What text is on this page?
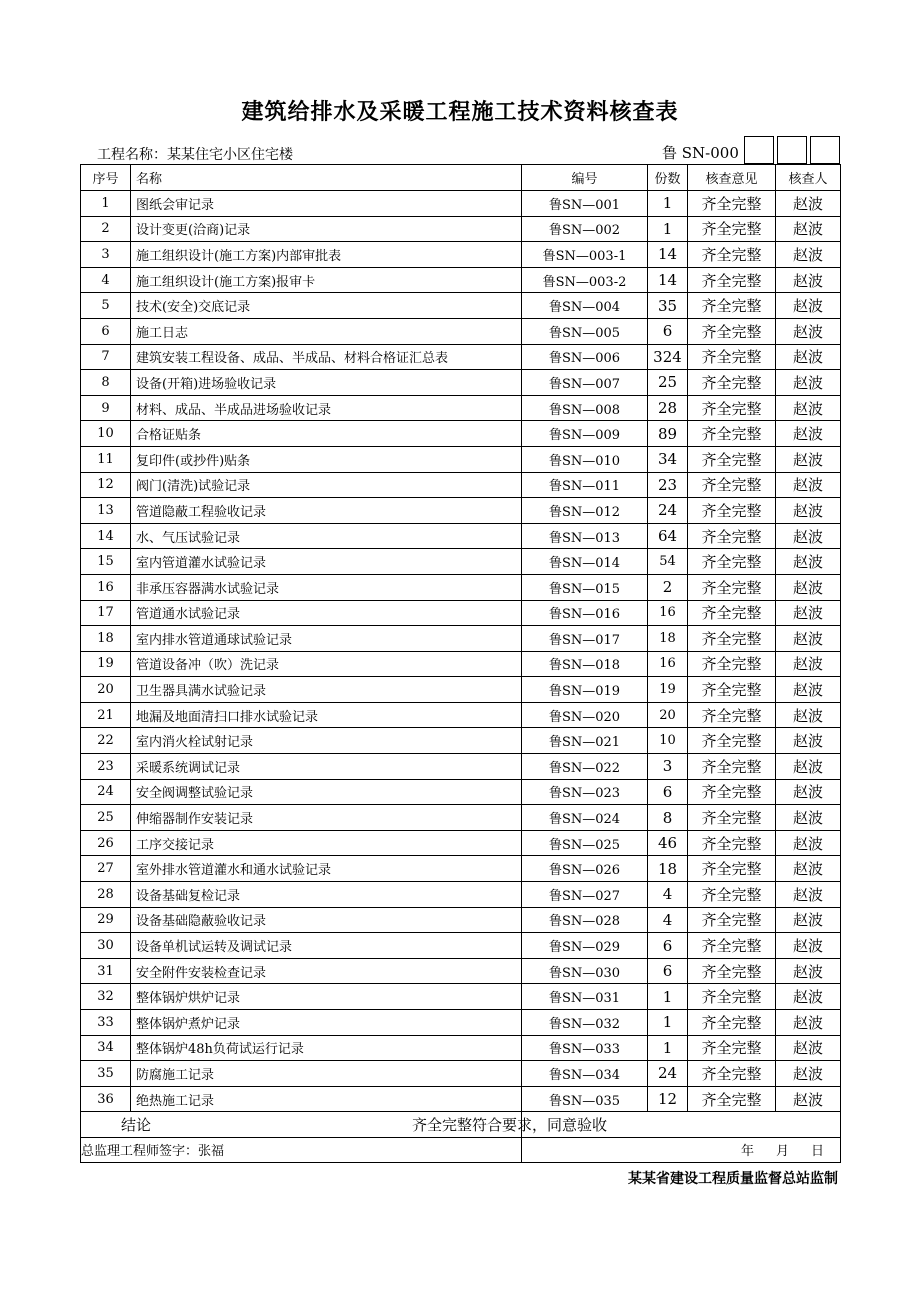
建筑给排水及采暖工程施工技术资料核查表
工程名称：某某住宅小区住宅楼	鲁 SN-000
序号	名称	编号	份数	核查意见	核查人
1	图纸会审记录	鲁SN—001	1	齐全完整	赵波
2	设计变更(洽商)记录	鲁SN—002	1	齐全完整	赵波
3	施工组织设计(施工方案)内部审批表	鲁SN—003-1	14	齐全完整	赵波
4	施工组织设计(施工方案)报审卡	鲁SN—003-2	14	齐全完整	赵波
5	技术(安全)交底记录	鲁SN—004	35	齐全完整	赵波
6	施工日志	鲁SN—005	6	齐全完整	赵波
7	建筑安装工程设备、成品、半成品、材料合格证汇总表	鲁SN—006	324	齐全完整	赵波
8	设备(开箱)进场验收记录	鲁SN—007	25	齐全完整	赵波
9	材料、成品、半成品进场验收记录	鲁SN—008	28	齐全完整	赵波
10	合格证贴条	鲁SN—009	89	齐全完整	赵波
11	复印件(或抄件)贴条	鲁SN—010	34	齐全完整	赵波
12	阀门(清洗)试验记录	鲁SN—011	23	齐全完整	赵波
13	管道隐蔽工程验收记录	鲁SN—012	24	齐全完整	赵波
14	水、气压试验记录	鲁SN—013	64	齐全完整	赵波
15	室内管道灌水试验记录	鲁SN—014	54	齐全完整	赵波
16	非承压容器满水试验记录	鲁SN—015	2	齐全完整	赵波
17	管道通水试验记录	鲁SN—016	16	齐全完整	赵波
18	室内排水管道通球试验记录	鲁SN—017	18	齐全完整	赵波
19	管道设备冲（吹）洗记录	鲁SN—018	16	齐全完整	赵波
20	卫生器具满水试验记录	鲁SN—019	19	齐全完整	赵波
21	地漏及地面清扫口排水试验记录	鲁SN—020	20	齐全完整	赵波
22	室内消火栓试射记录	鲁SN—021	10	齐全完整	赵波
23	采暖系统调试记录	鲁SN—022	3	齐全完整	赵波
24	安全阀调整试验记录	鲁SN—023	6	齐全完整	赵波
25	伸缩器制作安装记录	鲁SN—024	8	齐全完整	赵波
26	工序交接记录	鲁SN—025	46	齐全完整	赵波
27	室外排水管道灌水和通水试验记录	鲁SN—026	18	齐全完整	赵波
28	设备基础复检记录	鲁SN—027	4	齐全完整	赵波
29	设备基础隐蔽验收记录	鲁SN—028	4	齐全完整	赵波
30	设备单机试运转及调试记录	鲁SN—029	6	齐全完整	赵波
31	安全附件安装检查记录	鲁SN—030	6	齐全完整	赵波
32	整体锅炉烘炉记录	鲁SN—031	1	齐全完整	赵波
33	整体锅炉煮炉记录	鲁SN—032	1	齐全完整	赵波
34	整体锅炉48h负荷试运行记录	鲁SN—033	1	齐全完整	赵波
35	防腐施工记录	鲁SN—034	24	齐全完整	赵波
36	绝热施工记录	鲁SN—035	12	齐全完整	赵波
结论		齐全完整符合要求，同意验收			
总监理工程师签字：张福		年 月 日			
某某省建设工程质量监督总站监制
